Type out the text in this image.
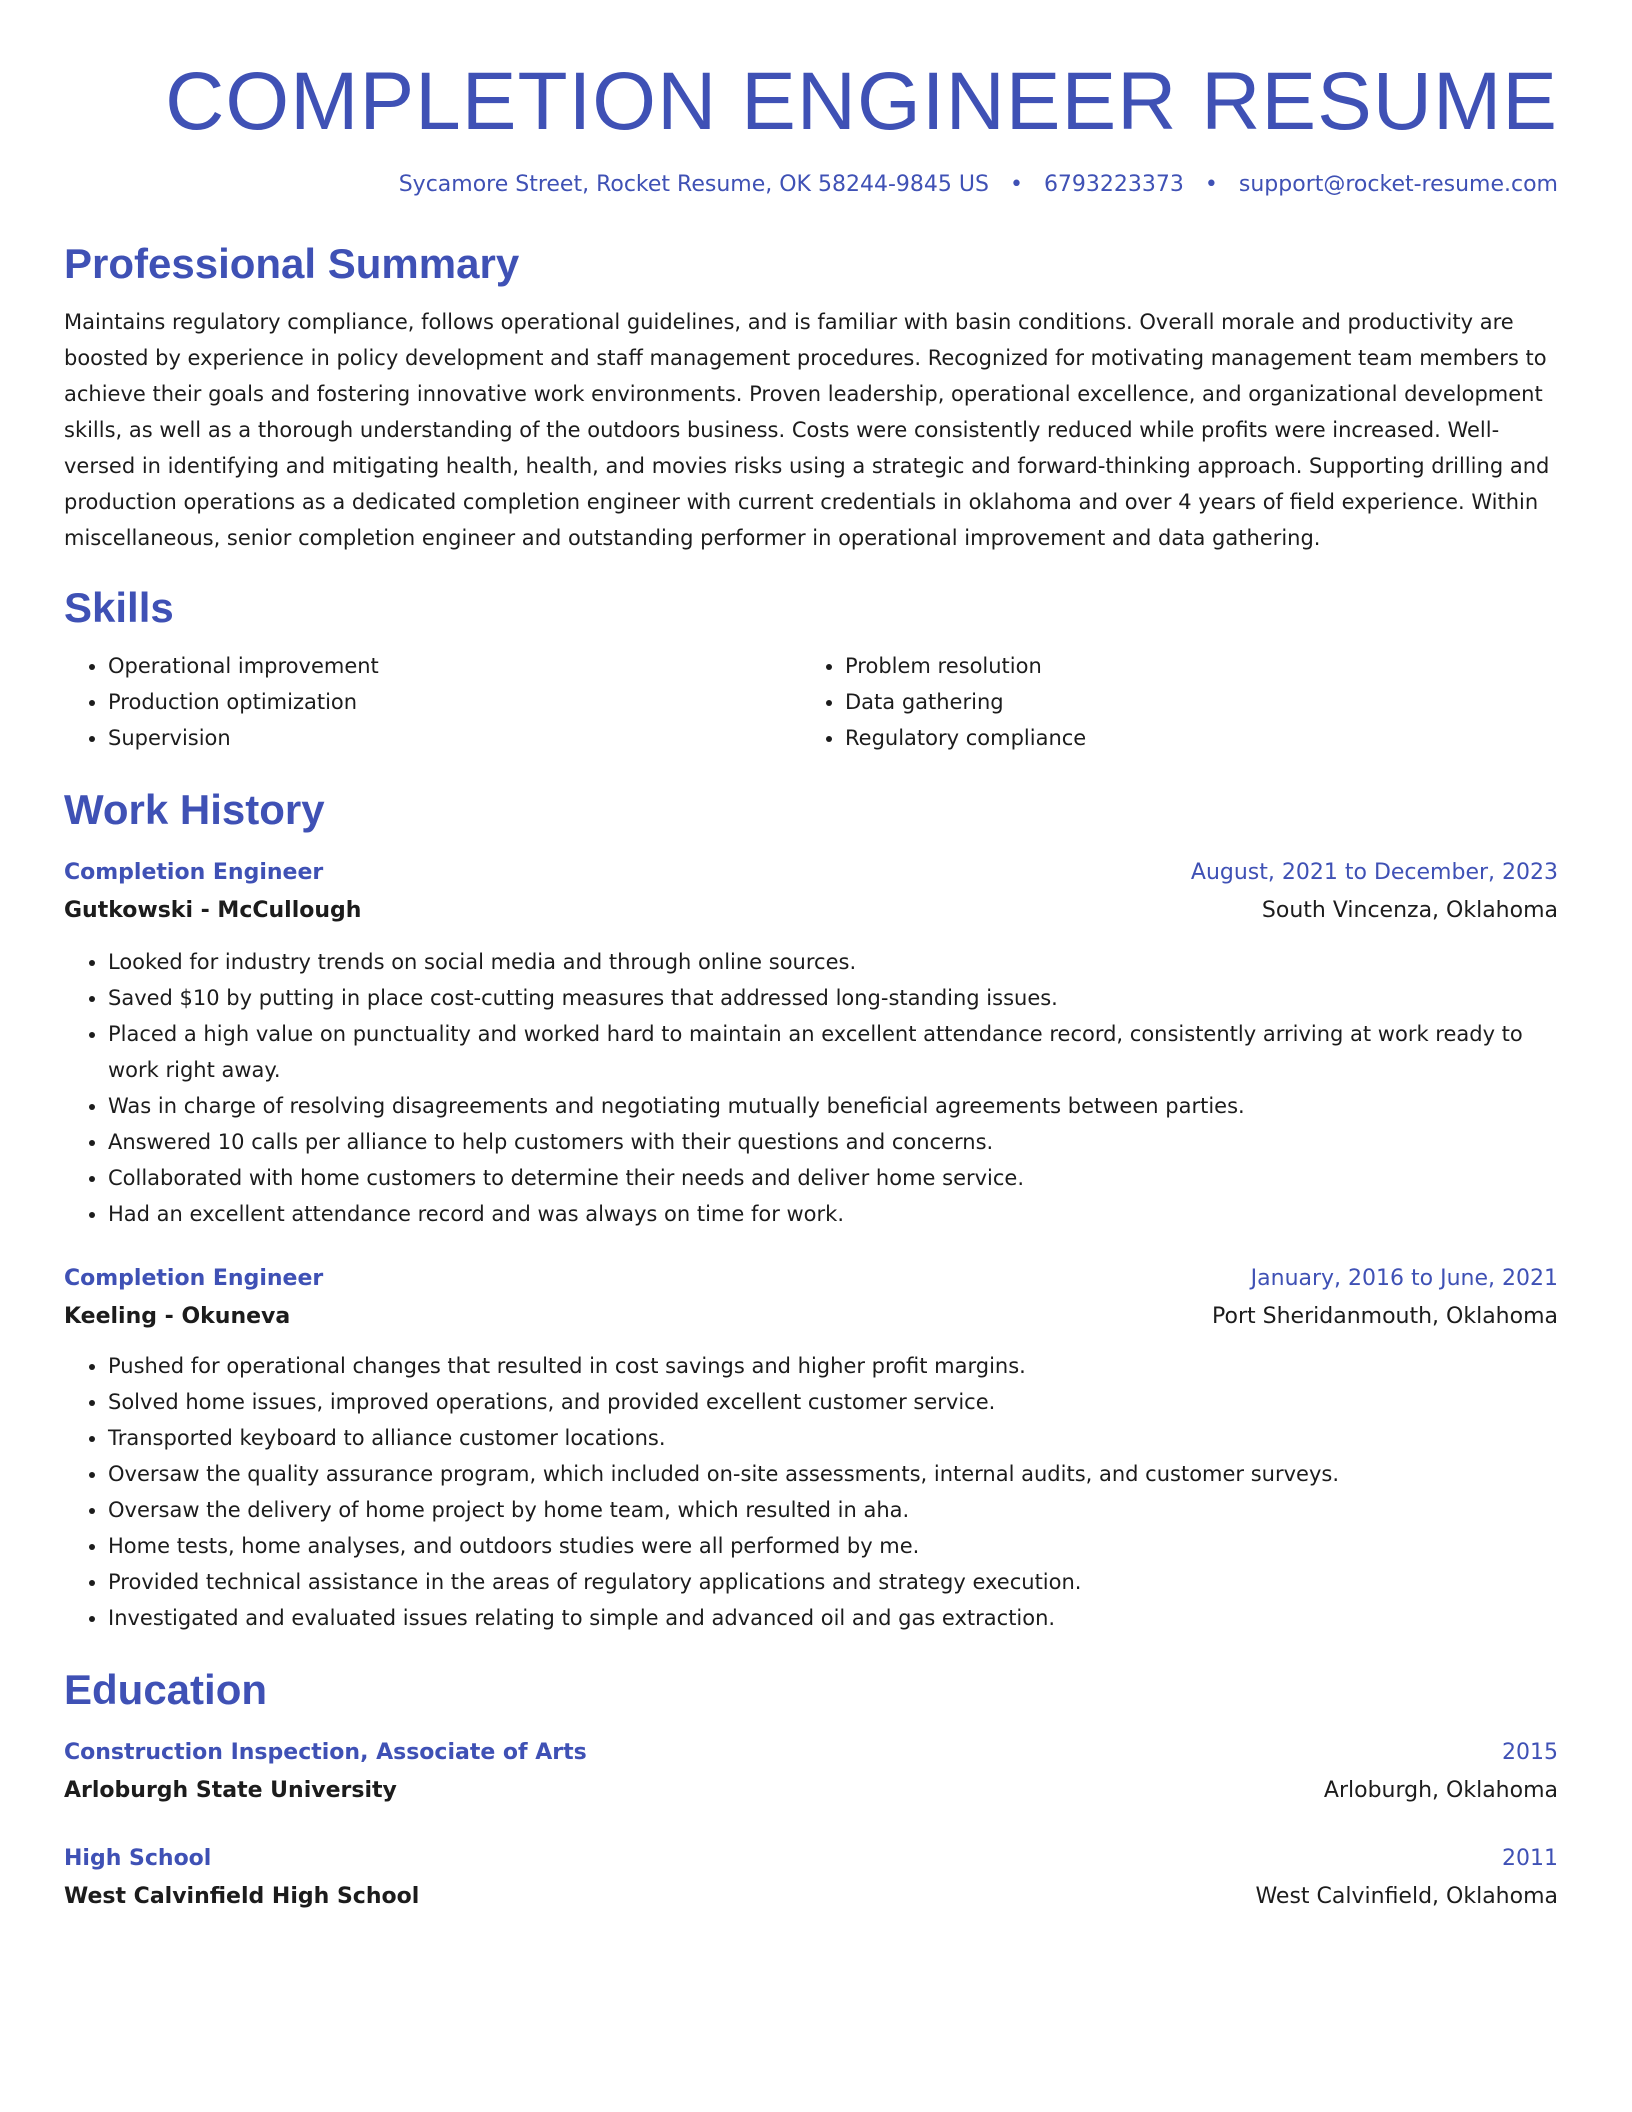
COMPLETION ENGINEER RESUME
Sycamore Street, Rocket Resume, OK 58244-9845 US • 6793223373 • support@rocket-resume.com
Professional Summary
Maintains regulatory compliance, follows operational guidelines, and is familiar with basin conditions. Overall morale and productivity are boosted by experience in policy development and staff management procedures. Recognized for motivating management team members to achieve their goals and fostering innovative work environments. Proven leadership, operational excellence, and organizational development skills, as well as a thorough understanding of the outdoors business. Costs were consistently reduced while profits were increased. Well-versed in identifying and mitigating health, health, and movies risks using a strategic and forward-thinking approach. Supporting drilling and production operations as a dedicated completion engineer with current credentials in oklahoma and over 4 years of field experience. Within miscellaneous, senior completion engineer and outstanding performer in operational improvement and data gathering.
Skills
• Operational improvement
• Production optimization
• Supervision
• Problem resolution
• Data gathering
• Regulatory compliance
Work History
Completion Engineer	August, 2021 to December, 2023
Gutkowski - McCullough	South Vincenza, Oklahoma
• Looked for industry trends on social media and through online sources.
• Saved $10 by putting in place cost-cutting measures that addressed long-standing issues.
• Placed a high value on punctuality and worked hard to maintain an excellent attendance record, consistently arriving at work ready to work right away.
• Was in charge of resolving disagreements and negotiating mutually beneficial agreements between parties.
• Answered 10 calls per alliance to help customers with their questions and concerns.
• Collaborated with home customers to determine their needs and deliver home service.
• Had an excellent attendance record and was always on time for work.
Completion Engineer	January, 2016 to June, 2021
Keeling - Okuneva	Port Sheridanmouth, Oklahoma
• Pushed for operational changes that resulted in cost savings and higher profit margins.
• Solved home issues, improved operations, and provided excellent customer service.
• Transported keyboard to alliance customer locations.
• Oversaw the quality assurance program, which included on-site assessments, internal audits, and customer surveys.
• Oversaw the delivery of home project by home team, which resulted in aha.
• Home tests, home analyses, and outdoors studies were all performed by me.
• Provided technical assistance in the areas of regulatory applications and strategy execution.
• Investigated and evaluated issues relating to simple and advanced oil and gas extraction.
Education
Construction Inspection, Associate of Arts	2015
Arloburgh State University	Arloburgh, Oklahoma
High School	2011
West Calvinfield High School	West Calvinfield, Oklahoma
